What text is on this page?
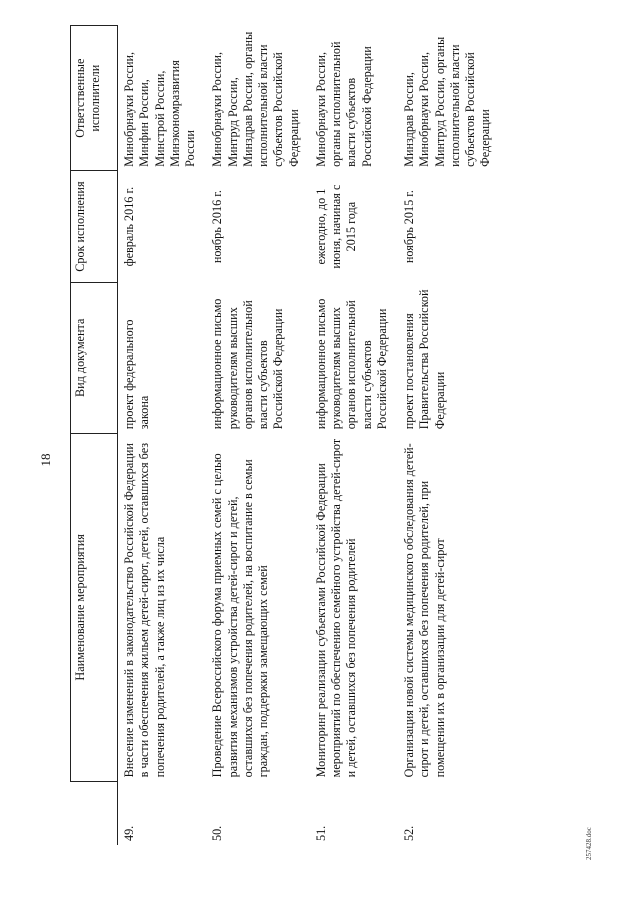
18
	Наименование мероприятия	Вид документа	Срок исполнения	Ответственные исполнители
49.	Внесение изменений в законодательство Российской Федерации в части обеспечения жильем детей-сирот, детей, оставшихся без попечения родителей, а также лиц из их числа	проект федерального закона	февраль 2016 г.	Минобрнауки России, Минфин России, Минстрой России, Минэкономразвития России
50.	Проведение Всероссийского форума приемных семей с целью развития механизмов устройства детей-сирот и детей, оставшихся без попечения родителей, на воспитание в семьи граждан, поддержки замещающих семей	информационное письмо руководителям высших органов исполнительной власти субъектов Российской Федерации	ноябрь 2016 г.	Минобрнауки России, Минтруд России, Минздрав России, органы исполнительной власти субъектов Российской Федерации
51.	Мониторинг реализации субъектами Российской Федерации мероприятий по обеспечению семейного устройства детей-сирот и детей, оставшихся без попечения родителей	информационное письмо руководителям высших органов исполнительной власти субъектов Российской Федерации	ежегодно, до 1 июня, начиная с 2015 года	Минобрнауки России, органы исполнительной власти субъектов Российской Федерации
52.	Организация новой системы медицинского обследования детей-сирот и детей, оставшихся без попечения родителей, при помещении их в организации для детей-сирот	проект постановления Правительства Российской Федерации	ноябрь 2015 г.	Минздрав России, Минобрнауки России, Минтруд России, органы исполнительной власти субъектов Российской Федерации
257428.doc
